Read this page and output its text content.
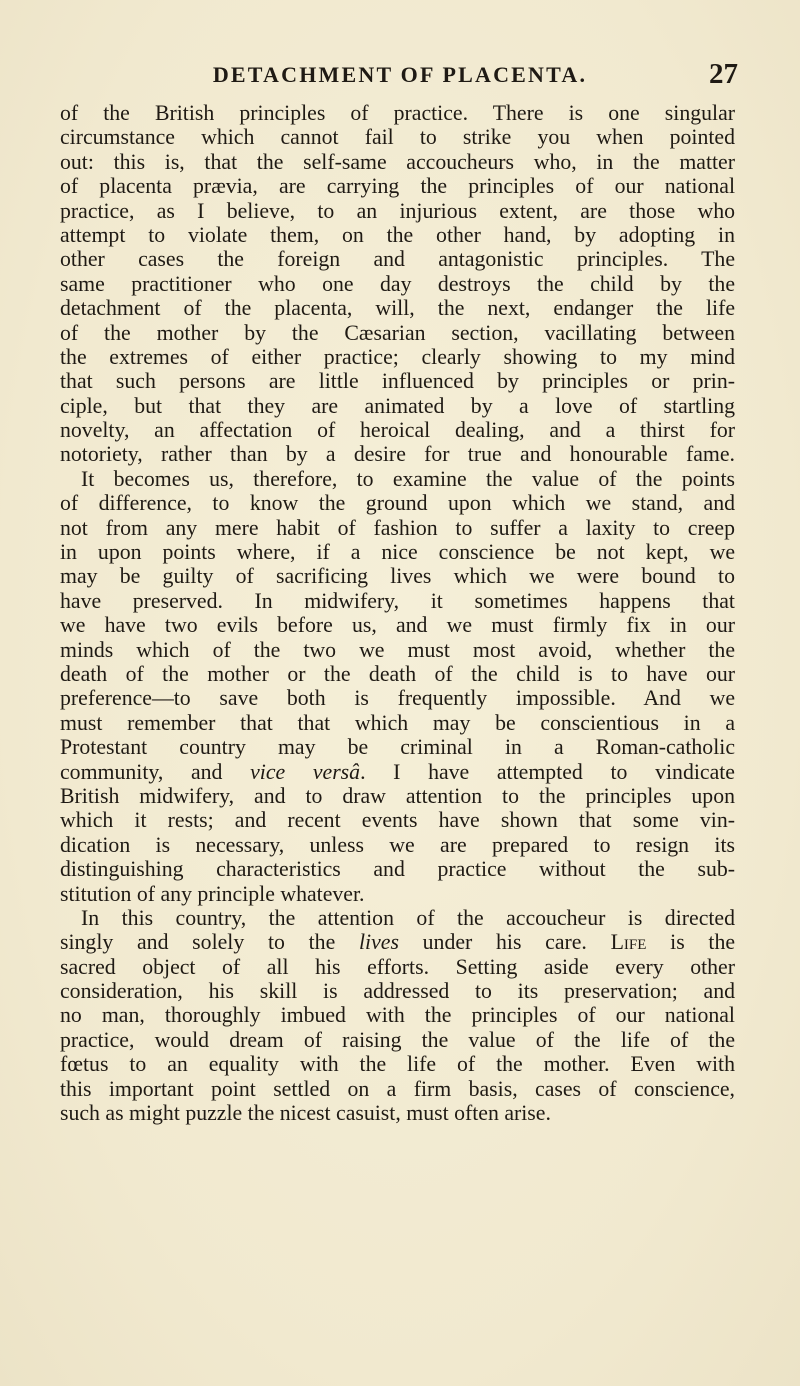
DETACHMENT OF PLACENTA.	27
of the British principles of practice. There is one singular
circumstance which cannot fail to strike you when pointed
out: this is, that the self-same accoucheurs who, in the matter
of placenta prævia, are carrying the principles of our national
practice, as I believe, to an injurious extent, are those who
attempt to violate them, on the other hand, by adopting in
other cases the foreign and antagonistic principles. The
same practitioner who one day destroys the child by the
detachment of the placenta, will, the next, endanger the life
of the mother by the Cæsarian section, vacillating between
the extremes of either practice; clearly showing to my mind
that such persons are little influenced by principles or prin-
ciple, but that they are animated by a love of startling
novelty, an affectation of heroical dealing, and a thirst for
notoriety, rather than by a desire for true and honourable fame.
It becomes us, therefore, to examine the value of the points
of difference, to know the ground upon which we stand, and
not from any mere habit of fashion to suffer a laxity to creep
in upon points where, if a nice conscience be not kept, we
may be guilty of sacrificing lives which we were bound to
have preserved. In midwifery, it sometimes happens that
we have two evils before us, and we must firmly fix in our
minds which of the two we must most avoid, whether the
death of the mother or the death of the child is to have our
preference—to save both is frequently impossible. And we
must remember that that which may be conscientious in a
Protestant country may be criminal in a Roman-catholic
community, and vice versâ. I have attempted to vindicate
British midwifery, and to draw attention to the principles upon
which it rests; and recent events have shown that some vin-
dication is necessary, unless we are prepared to resign its
distinguishing characteristics and practice without the sub-
stitution of any principle whatever.
In this country, the attention of the accoucheur is directed
singly and solely to the lives under his care. Life is the
sacred object of all his efforts. Setting aside every other
consideration, his skill is addressed to its preservation; and
no man, thoroughly imbued with the principles of our national
practice, would dream of raising the value of the life of the
fœtus to an equality with the life of the mother. Even with
this important point settled on a firm basis, cases of conscience,
such as might puzzle the nicest casuist, must often arise.
